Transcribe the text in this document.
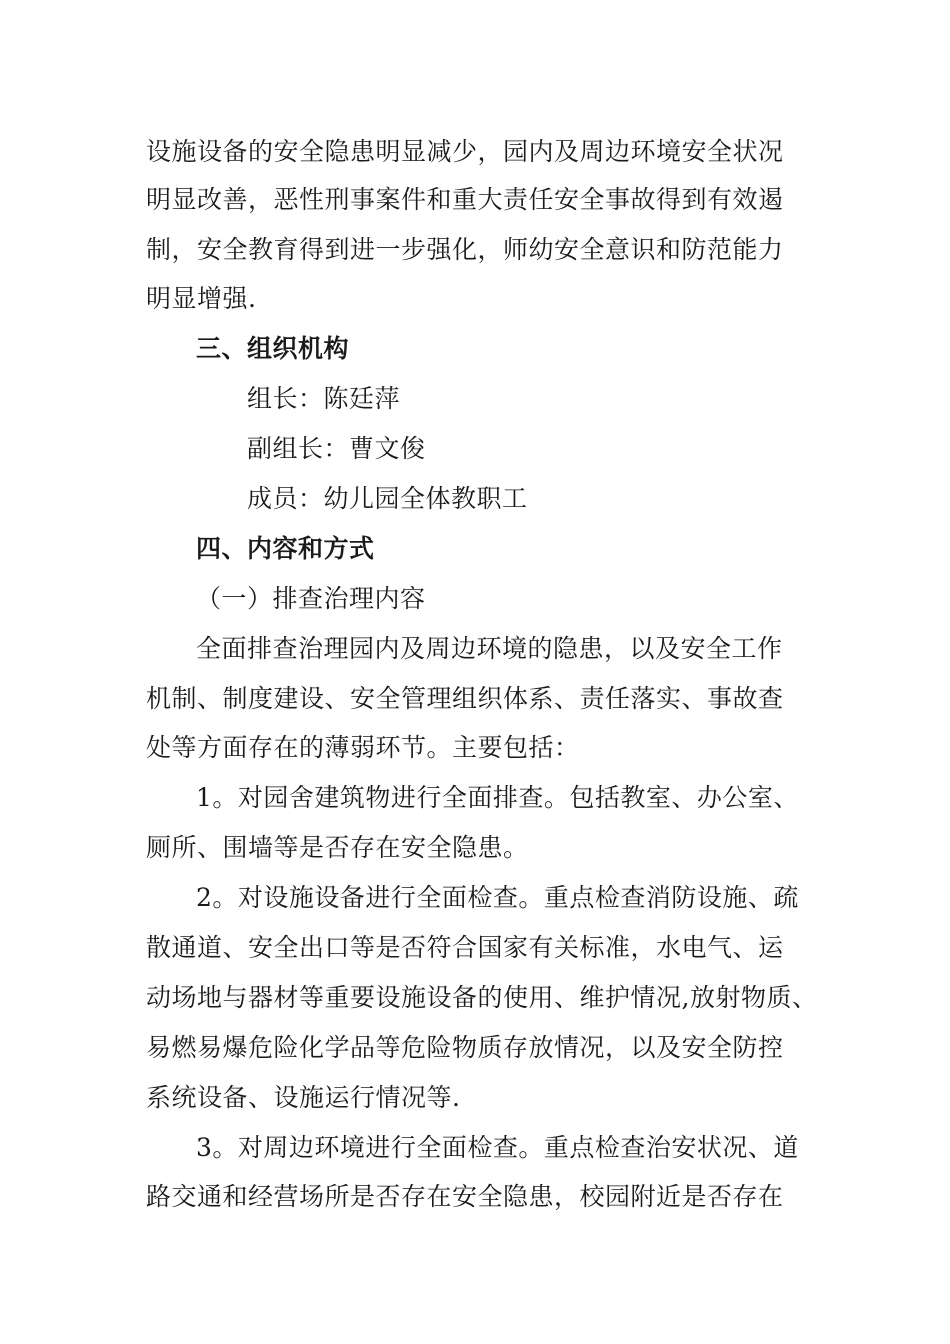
设施设备的安全隐患明显减少，园内及周边环境安全状况
明显改善，恶性刑事案件和重大责任安全事故得到有效遏
制，安全教育得到进一步强化，师幼安全意识和防范能力
明显增强.
三、组织机构
组长：陈廷萍
副组长：曹文俊
成员：幼儿园全体教职工
四、内容和方式
（一）排查治理内容
全面排查治理园内及周边环境的隐患，以及安全工作
机制、制度建设、安全管理组织体系、责任落实、事故查
处等方面存在的薄弱环节。主要包括：
1。对园舍建筑物进行全面排查。包括教室、办公室、
厕所、围墙等是否存在安全隐患。
2。对设施设备进行全面检查。重点检查消防设施、疏
散通道、安全出口等是否符合国家有关标准，水电气、运
动场地与器材等重要设施设备的使用、维护情况,放射物质、
易燃易爆危险化学品等危险物质存放情况，以及安全防控
系统设备、设施运行情况等.
3。对周边环境进行全面检查。重点检查治安状况、道
路交通和经营场所是否存在安全隐患，校园附近是否存在
